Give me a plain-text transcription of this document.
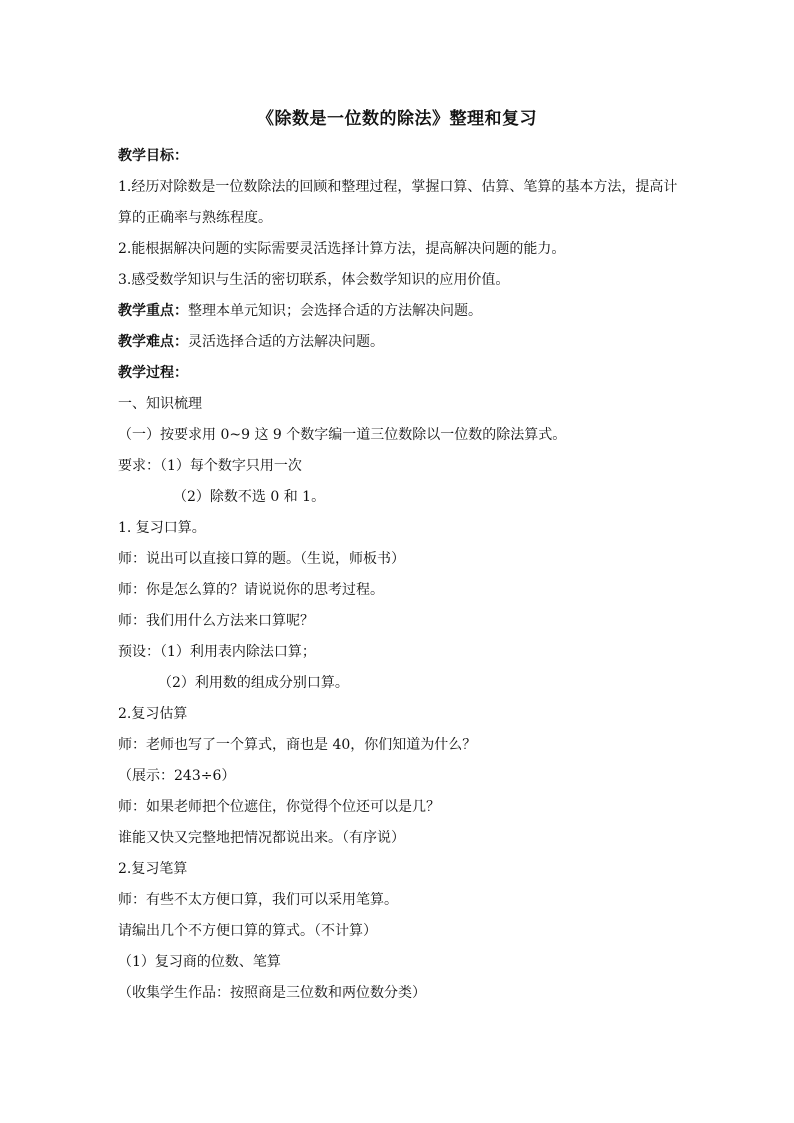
《除数是一位数的除法》整理和复习
教学目标：
1.经历对除数是一位数除法的回顾和整理过程，掌握口算、估算、笔算的基本方法，提高计算的正确率与熟练程度。
2.能根据解决问题的实际需要灵活选择计算方法，提高解决问题的能力。
3.感受数学知识与生活的密切联系，体会数学知识的应用价值。
教学重点：整理本单元知识；会选择合适的方法解决问题。
教学难点：灵活选择合适的方法解决问题。
教学过程：
一、知识梳理
（一）按要求用 0~9 这 9 个数字编一道三位数除以一位数的除法算式。
要求：（1）每个数字只用一次
（2）除数不选 0 和 1。
1. 复习口算。
师：说出可以直接口算的题。（生说，师板书）
师：你是怎么算的？请说说你的思考过程。
师：我们用什么方法来口算呢？
预设：（1）利用表内除法口算；
（2）利用数的组成分别口算。
2.复习估算
师：老师也写了一个算式，商也是 40，你们知道为什么？
（展示：243÷6）
师：如果老师把个位遮住，你觉得个位还可以是几？
谁能又快又完整地把情况都说出来。（有序说）
2.复习笔算
师：有些不太方便口算，我们可以采用笔算。
请编出几个不方便口算的算式。（不计算）
（1）复习商的位数、笔算
（收集学生作品：按照商是三位数和两位数分类）
